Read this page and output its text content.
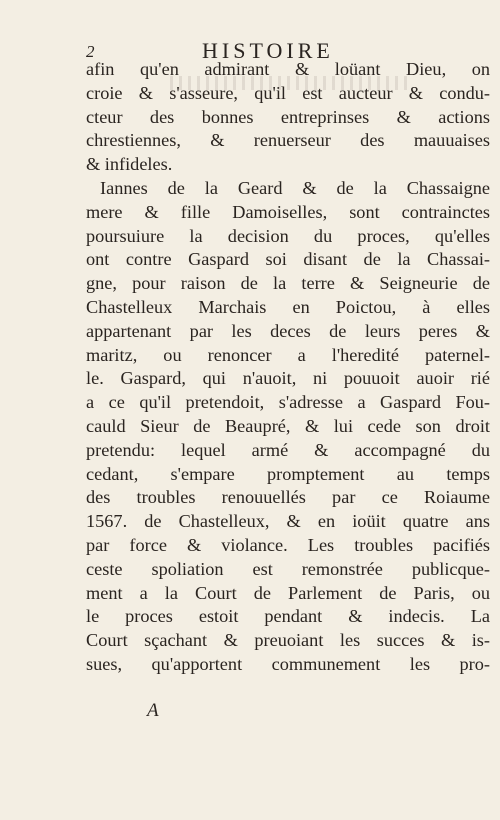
2	HISTOIRE
afin qu'en admirant & loüant Dieu, on
croie & s'asseure, qu'il est aucteur & condu-
cteur des bonnes entreprinses & actions
chrestiennes, & renuerseur des mauuaises
& infideles.
Iannes de la Geard & de la Chassaigne
mere & fille Damoiselles, sont contrainctes
poursuiure la decision du proces, qu'elles
ont contre Gaspard soi disant de la Chassai-
gne, pour raison de la terre & Seigneurie de
Chastelleux Marchais en Poictou, à elles
appartenant par les deces de leurs peres &
maritz, ou renoncer a l'heredité paternel-
le. Gaspard, qui n'auoit, ni pouuoit auoir rié
a ce qu'il pretendoit, s'adresse a Gaspard Fou-
cauld Sieur de Beaupré, & lui cede son droit
pretendu: lequel armé & accompagné du
cedant, s'empare promptement au temps
des troubles renouuellés par ce Roiaume
1567. de Chastelleux, & en ioüit quatre ans
par force & violance. Les troubles pacifiés
ceste spoliation est remonstrée publicque-
ment a la Court de Parlement de Paris, ou
le proces estoit pendant & indecis. La
Court sçachant & preuoiant les succes & is-
sues, qu'apportent communement les pro-
A
